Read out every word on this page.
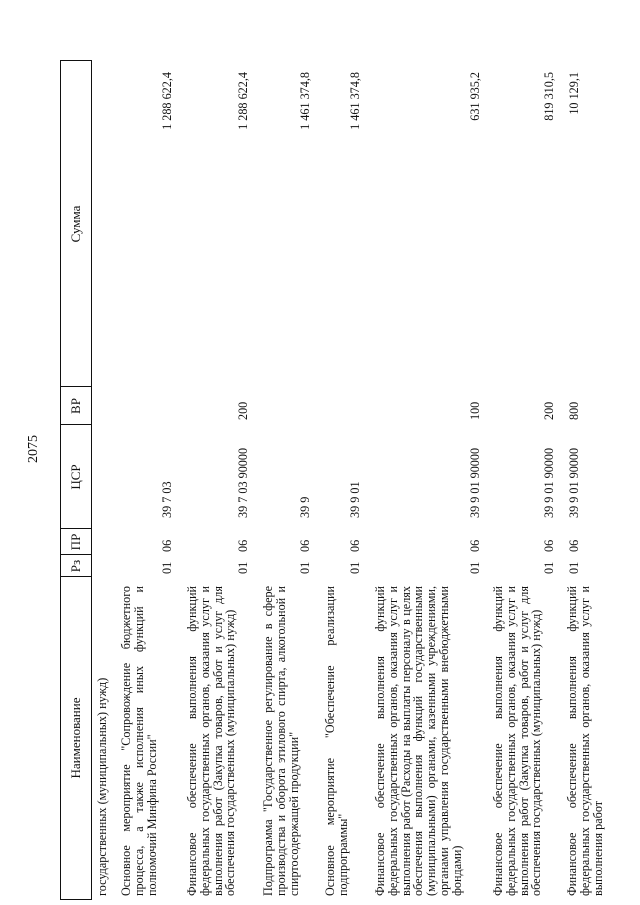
2075
Наименование
Рз
ПР
ЦСР
ВР
Сумма
государственных (муниципальных) нужд) Основное мероприятие "Сопровождение бюджетного процесса, а также исполнения иных функций и полномочий Минфина России"
01
06
39 7 03
1 288 622,4
Финансовое обеспечение выполнения функций федеральных государственных органов, оказания услуг и выполнения работ (Закупка товаров, работ и услуг для обеспечения государственных (муниципальных) нужд)
01
06
39 7 03 90000
200
1 288 622,4
Подпрограмма "Государственное регулирование в сфере производства и оборота этилового спирта, алкогольной и спиртосодержащей продукции"
01
06
39 9
1 461 374,8
Основное мероприятие "Обеспечение реализации подпрограммы"
01
06
39 9 01
1 461 374,8
Финансовое обеспечение выполнения функций федеральных государственных органов, оказания услуг и выполнения работ (Расходы на выплаты персоналу в целях обеспечения выполнения функций государственными (муниципальными) органами, казенными учреждениями, органами управления государственными внебюджетными фондами)
01
06
39 9 01 90000
100
631 935,2
Финансовое обеспечение выполнения функций федеральных государственных органов, оказания услуг и выполнения работ (Закупка товаров, работ и услуг для обеспечения государственных (муниципальных) нужд)
01
06
39 9 01 90000
200
819 310,5
Финансовое обеспечение выполнения функций федеральных государственных органов, оказания услуг и выполнения работ
01
06
39 9 01 90000
800
10 129,1
